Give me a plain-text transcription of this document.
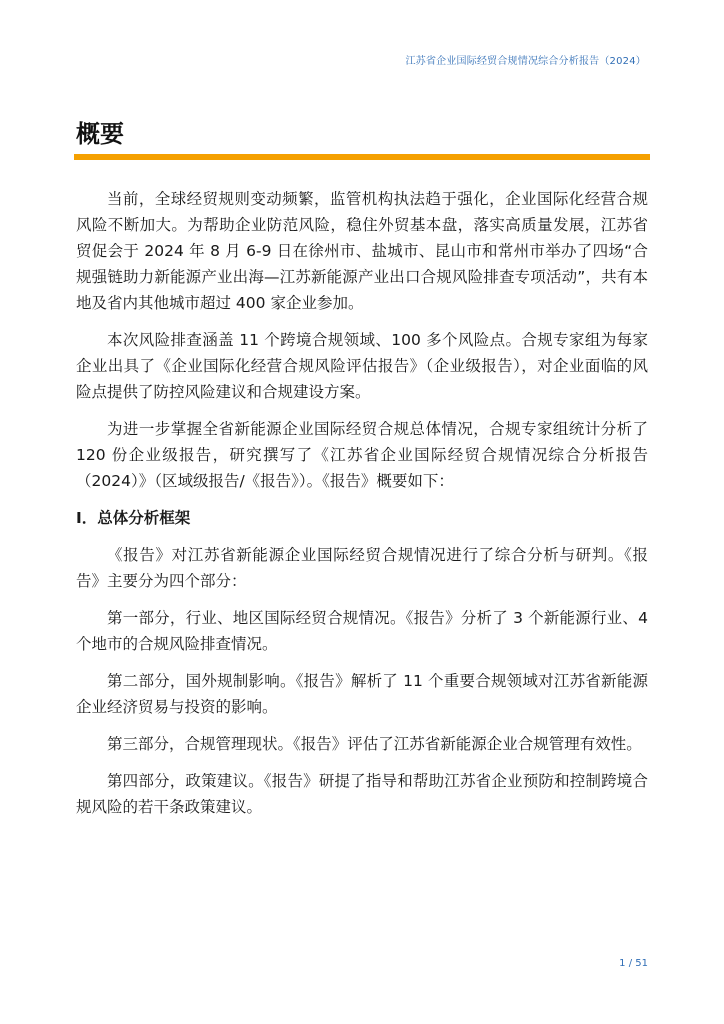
江苏省企业国际经贸合规情况综合分析报告（2024）
概要

当前，全球经贸规则变动频繁，监管机构执法趋于强化，企业国际化经营合规风险不断加大。为帮助企业防范风险，稳住外贸基本盘，落实高质量发展，江苏省贸促会于 2024 年 8 月 6-9 日在徐州市、盐城市、昆山市和常州市举办了四场“合规强链助力新能源产业出海—江苏新能源产业出口合规风险排查专项活动”，共有本地及省内其他城市超过 400 家企业参加。

本次风险排查涵盖 11 个跨境合规领域、100 多个风险点。合规专家组为每家企业出具了《企业国际化经营合规风险评估报告》（企业级报告），对企业面临的风险点提供了防控风险建议和合规建设方案。

为进一步掌握全省新能源企业国际经贸合规总体情况，合规专家组统计分析了 120 份企业级报告，研究撰写了《江苏省企业国际经贸合规情况综合分析报告（2024）》（区域级报告/《报告》）。《报告》概要如下：

I．总体分析框架

《报告》对江苏省新能源企业国际经贸合规情况进行了综合分析与研判。《报告》主要分为四个部分：

第一部分，行业、地区国际经贸合规情况。《报告》分析了 3 个新能源行业、4 个地市的合规风险排查情况。

第二部分，国外规制影响。《报告》解析了 11 个重要合规领域对江苏省新能源企业经济贸易与投资的影响。

第三部分，合规管理现状。《报告》评估了江苏省新能源企业合规管理有效性。

第四部分，政策建议。《报告》研提了指导和帮助江苏省企业预防和控制跨境合规风险的若干条政策建议。

1 / 51
